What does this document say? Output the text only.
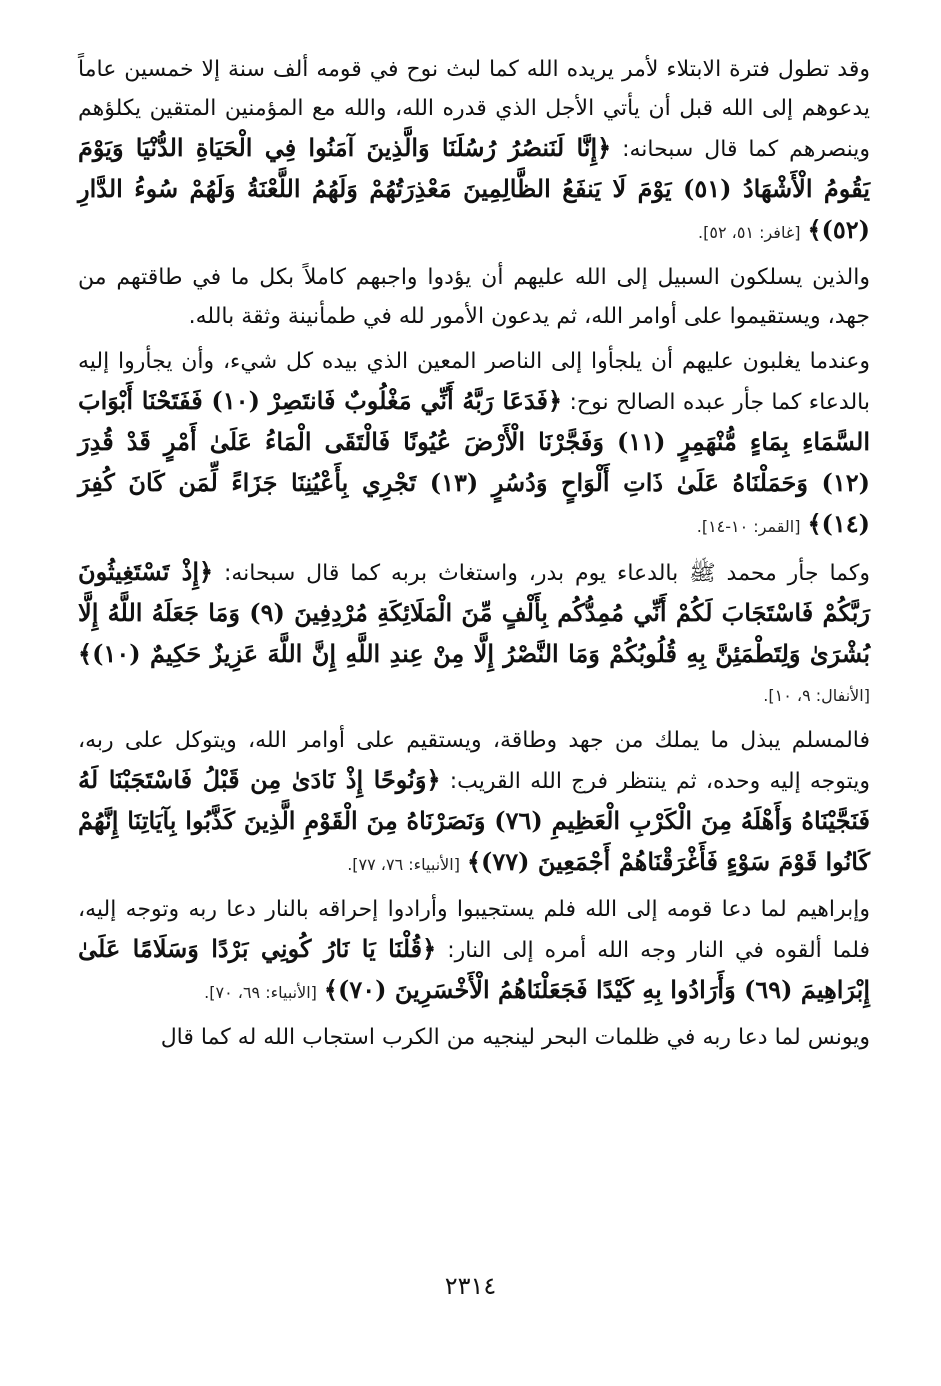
وقد تطول فترة الابتلاء لأمر يريده الله كما لبث نوح في قومه ألف سنة إلا خمسين عاماً يدعوهم إلى الله قبل أن يأتي الأجل الذي قدره الله، والله مع المؤمنين المتقين يكلؤهم وينصرهم كما قال سبحانه: ﴿إِنَّا لَنَنصُرُ رُسُلَنَا وَالَّذِينَ آمَنُوا فِي الْحَيَاةِ الدُّنْيَا وَيَوْمَ يَقُومُ الْأَشْهَادُ (٥١) يَوْمَ لَا يَنفَعُ الظَّالِمِينَ مَعْذِرَتُهُمْ وَلَهُمُ اللَّعْنَةُ وَلَهُمْ سُوءُ الدَّارِ (٥٢)﴾ [غافر: ٥١، ٥٢].

والذين يسلكون السبيل إلى الله عليهم أن يؤدوا واجبهم كاملاً بكل ما في طاقتهم من جهد، ويستقيموا على أوامر الله، ثم يدعون الأمور لله في طمأنينة وثقة بالله.

وعندما يغلبون عليهم أن يلجأوا إلى الناصر المعين الذي بيده كل شيء، وأن يجأروا إليه بالدعاء كما جأر عبده الصالح نوح: ﴿فَدَعَا رَبَّهُ أَنِّي مَغْلُوبٌ فَانتَصِرْ (١٠) فَفَتَحْنَا أَبْوَابَ السَّمَاءِ بِمَاءٍ مُّنْهَمِرٍ (١١) وَفَجَّرْنَا الْأَرْضَ عُيُونًا فَالْتَقَى الْمَاءُ عَلَىٰ أَمْرٍ قَدْ قُدِرَ (١٢) وَحَمَلْنَاهُ عَلَىٰ ذَاتِ أَلْوَاحٍ وَدُسُرٍ (١٣) تَجْرِي بِأَعْيُنِنَا جَزَاءً لِّمَن كَانَ كُفِرَ (١٤)﴾ [القمر: ١٠-١٤].

وكما جأر محمد ﷺ بالدعاء يوم بدر، واستغاث بربه كما قال سبحانه: ﴿إِذْ تَسْتَغِيثُونَ رَبَّكُمْ فَاسْتَجَابَ لَكُمْ أَنِّي مُمِدُّكُم بِأَلْفٍ مِّنَ الْمَلَائِكَةِ مُرْدِفِينَ (٩) وَمَا جَعَلَهُ اللَّهُ إِلَّا بُشْرَىٰ وَلِتَطْمَئِنَّ بِهِ قُلُوبُكُمْ وَمَا النَّصْرُ إِلَّا مِنْ عِندِ اللَّهِ إِنَّ اللَّهَ عَزِيزٌ حَكِيمٌ (١٠)﴾ [الأنفال: ٩، ١٠].

فالمسلم يبذل ما يملك من جهد وطاقة، ويستقيم على أوامر الله، ويتوكل على ربه، ويتوجه إليه وحده، ثم ينتظر فرج الله القريب: ﴿وَنُوحًا إِذْ نَادَىٰ مِن قَبْلُ فَاسْتَجَبْنَا لَهُ فَنَجَّيْنَاهُ وَأَهْلَهُ مِنَ الْكَرْبِ الْعَظِيمِ (٧٦) وَنَصَرْنَاهُ مِنَ الْقَوْمِ الَّذِينَ كَذَّبُوا بِآيَاتِنَا إِنَّهُمْ كَانُوا قَوْمَ سَوْءٍ فَأَغْرَقْنَاهُمْ أَجْمَعِينَ (٧٧)﴾ [الأنبياء: ٧٦، ٧٧].

وإبراهيم لما دعا قومه إلى الله فلم يستجيبوا وأرادوا إحراقه بالنار دعا ربه وتوجه إليه، فلما ألقوه في النار وجه الله أمره إلى النار: ﴿قُلْنَا يَا نَارُ كُونِي بَرْدًا وَسَلَامًا عَلَىٰ إِبْرَاهِيمَ (٦٩) وَأَرَادُوا بِهِ كَيْدًا فَجَعَلْنَاهُمُ الْأَخْسَرِينَ (٧٠)﴾ [الأنبياء: ٦٩، ٧٠].

ويونس لما دعا ربه في ظلمات البحر لينجيه من الكرب استجاب الله له كما قال

٢٣١٤
